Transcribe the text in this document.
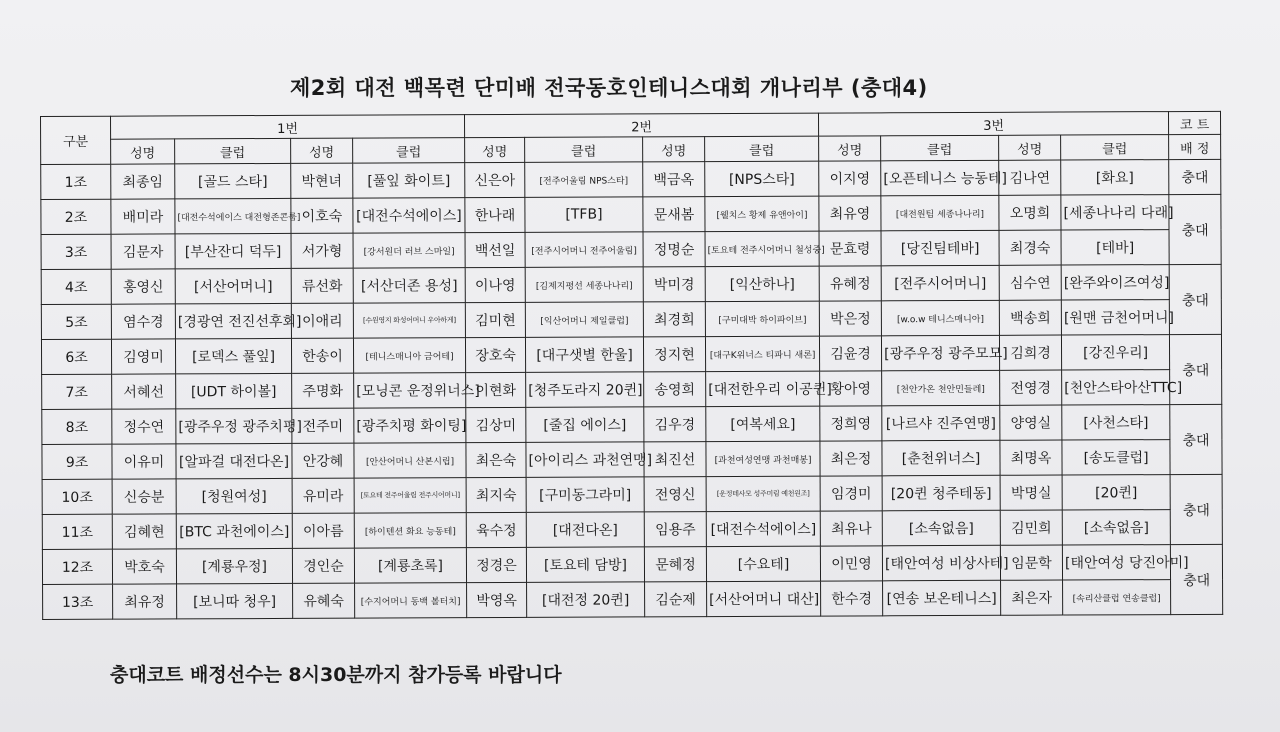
제2회 대전 백목련 단미배 전국동호인테니스대회 개나리부 (충대4)
구분	1번				2번				3번				코 트
	성명	클럽	성명	클럽	성명	클럽	성명	클럽	성명	클럽	성명	클럽	배 정
1조	최종임	[골드 스타]	박현녀	[풀잎 화이트]	신은아	[전주어울림 NPS스타]	백금옥	[NPS스타]	이지영	[오픈테니스 능동테]	김나연	[화요]	충대
2조	배미라	[대전수석에이스 대전형존콘룹]	이호숙	[대전수석에이스]	한나래	[TFB]	문새봄	[웰치스 황제 유앤아이]	최유영	[대전원팀 세종나나리]	오명희	[세종나나리 다래]	충대
3조	김문자	[부산잔디 덕두]	서가형	[강서원더 러브 스마일]	백선일	[전주시어머니 전주어울림]	정명순	[토요테 전주시어머니 철성중]	문효령	[당진팀테바]	최경숙	[테바]	
4조	홍영신	[서산어머니]	류선화	[서산더존 용성]	이나영	[김제지평선 세종나나리]	박미경	[익산하나]	유혜정	[전주시어머니]	심수연	[완주와이즈여성]	충대
5조	염수경	[경광연 전진선후회]	이애리	[수원영지 화성어머니 우아하게]	김미현	[익산어머니 제일클럽]	최경희	[구미대박 하이파이브]	박은정	[w.o.w 테니스매니아]	백송희	[원맨 금천어머니]	
6조	김영미	[로덱스 풀잎]	한송이	[테니스매니아 금어테]	장호숙	[대구샛별 한울]	정지현	[대구K위너스 티파니 새론]	김윤경	[광주우정 광주모모]	김희경	[강진우리]	충대
7조	서혜선	[UDT 하이볼]	주명화	[모닝콘 운정위너스]	이현화	[청주도라지 20퀸]	송영희	[대전한우리 이공퀸]	황아영	[천안가온 천안민들레]	전영경	[천안스타아산TTC]	
8조	정수연	[광주우정 광주치평]	전주미	[광주치평 화이팅]	김상미	[줄집 에이스]	김우경	[여복세요]	정희영	[나르샤 진주연맹]	양영실	[사천스타]	충대
9조	이유미	[알파걸 대전다온]	안강혜	[안산어머니 산본시립]	최은숙	[아이리스 과천연맹]	최진선	[과천여성연맹 과천매봉]	최은정	[춘천위너스]	최명옥	[송도클럽]	
10조	신승분	[청원여성]	유미라	[토요테 전주어울림 전주시어머니]	최지숙	[구미동그라미]	전영신	[운정테사모 성주미림 예천원조]	임경미	[20퀸 청주테동]	박명실	[20퀸]	충대
11조	김혜현	[BTC 과천에이스]	이아름	[하이텐션 화요 능동테]	육수정	[대전다온]	임용주	[대전수석에이스]	최유나	[소속없음]	김민희	[소속없음]	
12조	박호숙	[계룡우정]	경인순	[계룡초록]	정경은	[토요테 담방]	문혜정	[수요테]	이민영	[태안여성 비상사테]	임문학	[태안여성 당진아미]	충대
13조	최유정	[보니따 청우]	유혜숙	[수지어머니 동백 볼터치]	박영옥	[대전정 20퀸]	김순제	[서산어머니 대산]	한수경	[연송 보온테니스]	최은자	[속리산클럽 연송클럽]	
충대코트 배정선수는 8시30분까지 참가등록 바랍니다
